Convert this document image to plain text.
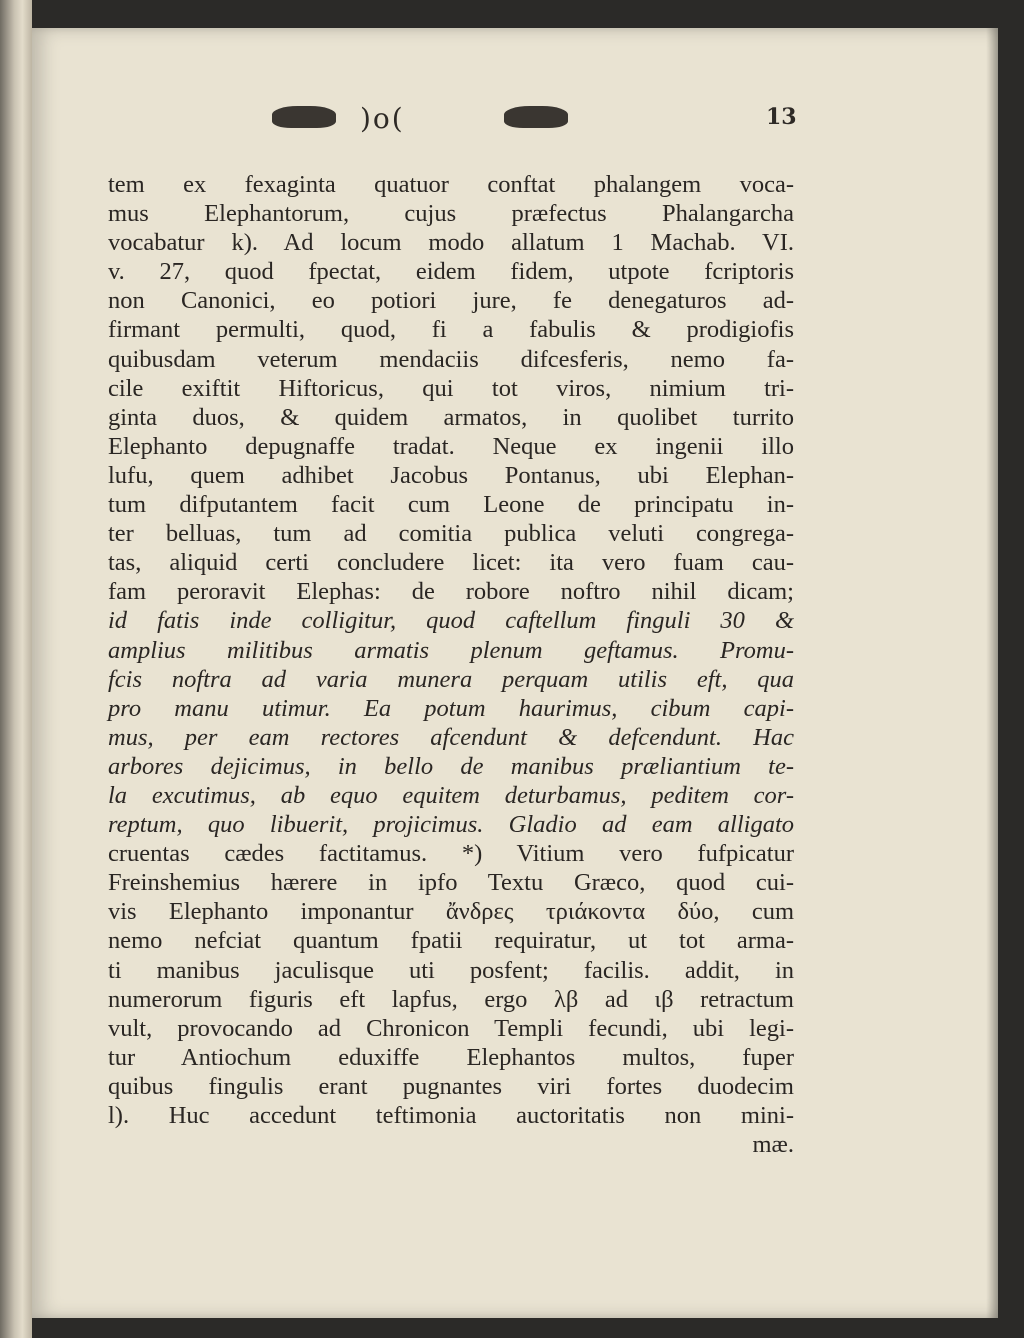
)o(	13
tem ex fexaginta quatuor conftat phalangem voca-
mus Elephantorum, cujus præfectus Phalangarcha
vocabatur k). Ad locum modo allatum 1 Machab. VI.
v. 27, quod fpectat, eidem fidem, utpote fcriptoris
non Canonici, eo potiori jure, fe denegaturos ad-
firmant permulti, quod, fi a fabulis & prodigiofis
quibusdam veterum mendaciis difcesferis, nemo fa-
cile exiftit Hiftoricus, qui tot viros, nimium tri-
ginta duos, & quidem armatos, in quolibet turrito
Elephanto depugnaffe tradat. Neque ex ingenii illo
lufu, quem adhibet Jacobus Pontanus, ubi Elephan-
tum difputantem facit cum Leone de principatu in-
ter belluas, tum ad comitia publica veluti congrega-
tas, aliquid certi concludere licet: ita vero fuam cau-
fam peroravit Elephas: de robore noftro nihil dicam;
id fatis inde colligitur, quod caftellum finguli 30 &
amplius militibus armatis plenum geftamus. Promu-
fcis noftra ad varia munera perquam utilis eft, qua
pro manu utimur. Ea potum haurimus, cibum capi-
mus, per eam rectores afcendunt & defcendunt. Hac
arbores dejicimus, in bello de manibus præliantium te-
la excutimus, ab equo equitem deturbamus, peditem cor-
reptum, quo libuerit, projicimus. Gladio ad eam alligato
cruentas cædes factitamus. *) Vitium vero fufpicatur
Freinshemius hærere in ipfo Textu Græco, quod cui-
vis Elephanto imponantur ἄνδρες τριάκοντα δύο, cum
nemo nefciat quantum fpatii requiratur, ut tot arma-
ti manibus jaculisque uti posfent; facilis. addit, in
numerorum figuris eft lapfus, ergo λβ ad ιβ retractum
vult, provocando ad Chronicon Templi fecundi, ubi legi-
tur Antiochum eduxiffe Elephantos multos, fuper
quibus fingulis erant pugnantes viri fortes duodecim
l). Huc accedunt teftimonia auctoritatis non mini-
mæ.
